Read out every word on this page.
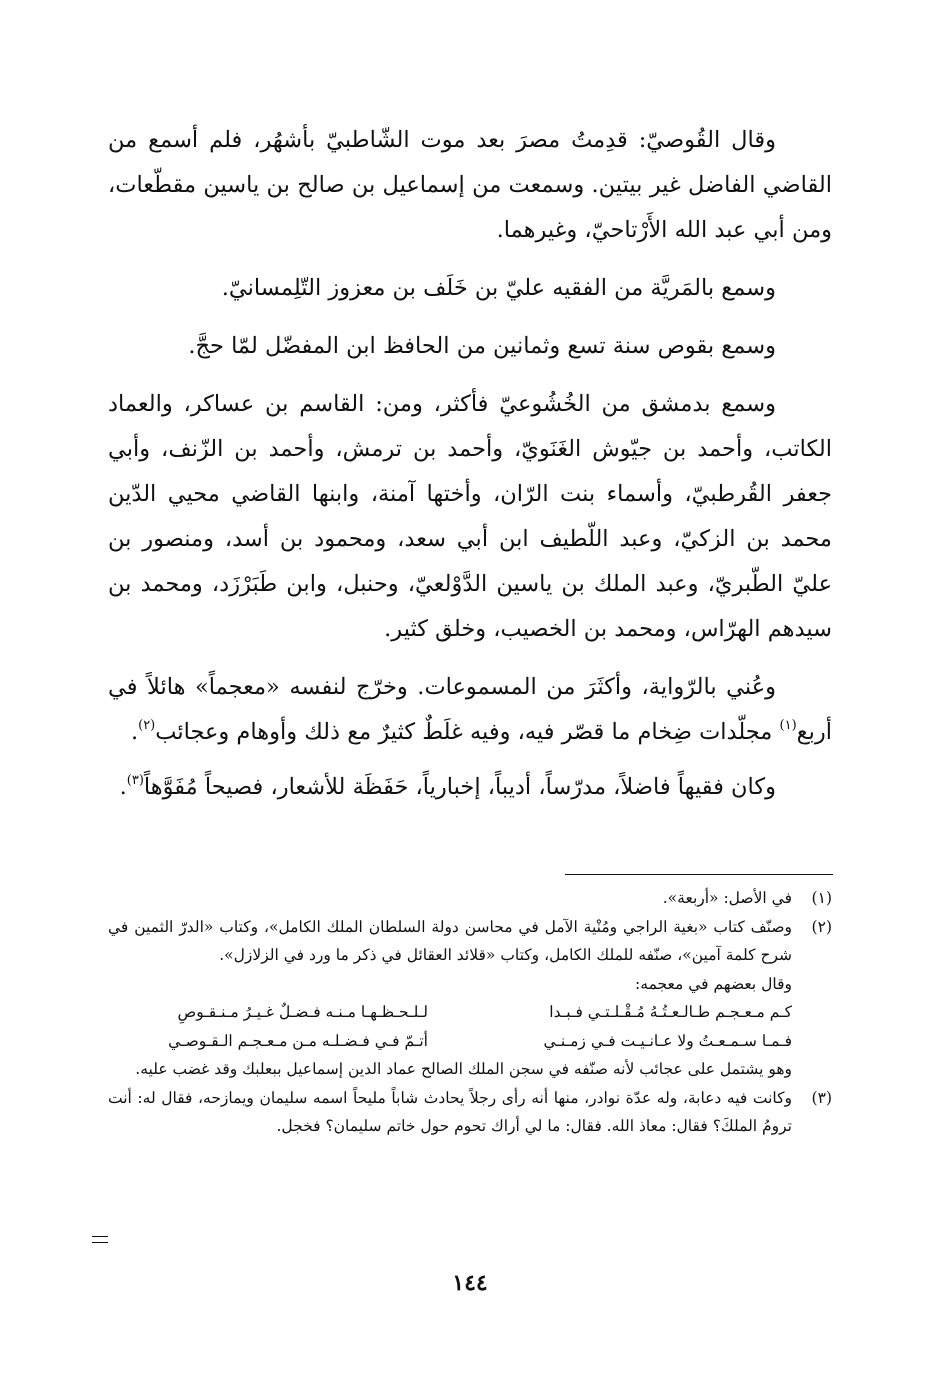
وقال القُوصيّ: قدِمتُ مصرَ بعد موت الشّاطبيّ بأشهُر، فلم أسمع من القاضي الفاضل غير بيتين. وسمعت من إسماعيل بن صالح بن ياسين مقطّعات، ومن أبي عبد الله الأَرْتاحيّ، وغيرهما.

وسمع بالمَريَّة من الفقيه عليّ بن خَلَف بن معزوز التّلِمسانيّ.

وسمع بقوص سنة تسع وثمانين من الحافظ ابن المفضّل لمّا حجَّ.

وسمع بدمشق من الخُشُوعيّ فأكثر، ومن: القاسم بن عساكر، والعماد الكاتب، وأحمد بن جيّوش الغَنَويّ، وأحمد بن ترمش، وأحمد بن الزّنف، وأبي جعفر القُرطبيّ، وأسماء بنت الرّان، وأختها آمنة، وابنها القاضي محيي الدّين محمد بن الزكيّ، وعبد اللّطيف ابن أبي سعد، ومحمود بن أسد، ومنصور بن عليّ الطّبريّ، وعبد الملك بن ياسين الدَّوْلعيّ، وحنبل، وابن طَبَرْزَد، ومحمد بن سيدهم الهرّاس، ومحمد بن الخصيب، وخلق كثير.

وعُني بالرّواية، وأكثَرَ من المسموعات. وخرّج لنفسه «معجماً» هائلاً في أربع$^{(١)}$ مجلّدات ضِخام ما قصّر فيه، وفيه غلَطٌ كثيرٌ مع ذلك وأوهام وعجائب$^{(٢)}$.

وكان فقيهاً فاضلاً، مدرّساً، أديباً، إخبارياً، حَفَظَة للأشعار، فصيحاً مُفَوَّهاً$^{(٣)}$.

(١)

في الأصل: «أربعة».

(٢)

وصنّف كتاب «بغية الراجي ومُنْية الآمل في محاسن دولة السلطان الملك الكامل»، وكتاب «الدرّ الثمين في شرح كلمة آمين»، صنّفه للملك الكامل، وكتاب «قلائد العقائل في ذكر ما ورد في الزلازل».

وقال بعضهم في معجمه:

كـم مـعـجـم طـالـعـتُـهُ مُـقْـلـتـي فـبـدا
لـلـحـظـهـا مـنـه فـضـلٌ غـيـرُ مـنـقـوصِ
فـمـا سـمـعـتُ ولا عـانـيـت فـي زمـنـي
أتـمّ فـي فـضـلـه مـن مـعـجـم الـقـوصـي

وهو يشتمل على عجائب لأنه صنّفه في سجن الملك الصالح عماد الدين إسماعيل ببعلبك وقد غضب عليه.

(٣)

وكانت فيه دعابة، وله عدّة نوادر، منها أنه رأى رجلاً يحادث شاباً مليحاً اسمه سليمان ويمازحه، فقال له: أنت ترومُ الملكَ؟ فقال: معاذ الله. فقال: ما لي أراك تحوم حول خاتم سليمان؟ فخجل.

١٤٤
